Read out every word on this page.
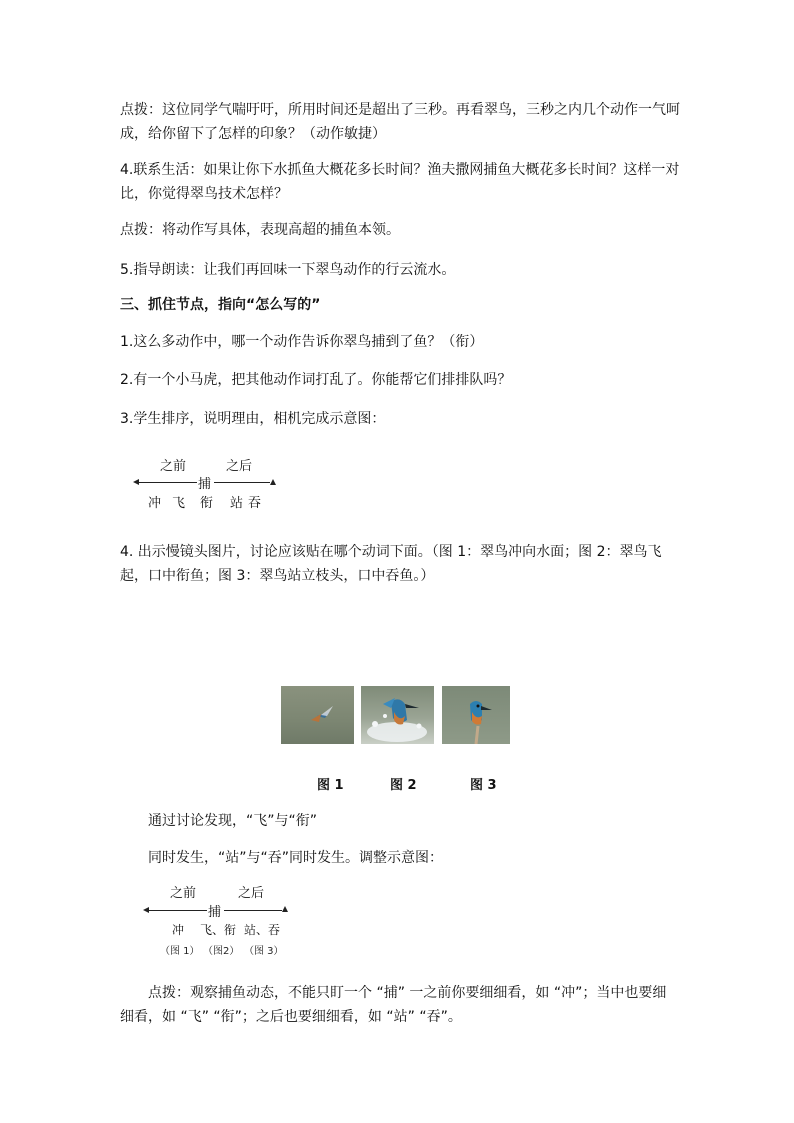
点拨：这位同学气喘吁吁，所用时间还是超出了三秒。再看翠鸟，三秒之内几个动作一气呵成，给你留下了怎样的印象？（动作敏捷）
4.联系生活：如果让你下水抓鱼大概花多长时间？渔夫撒网捕鱼大概花多长时间？这样一对比，你觉得翠鸟技术怎样？
点拨：将动作写具体，表现高超的捕鱼本领。
5.指导朗读：让我们再回味一下翠鸟动作的行云流水。
三、抓住节点，指向“怎么写的”
1.这么多动作中，哪一个动作告诉你翠鸟捕到了鱼？（衔）
2.有一个小马虎，把其他动作词打乱了。你能帮它们排排队吗？
3.学生排序，说明理由，相机完成示意图：
之前	之后
捕
冲 飞 衔 站 吞
4. 出示慢镜头图片，讨论应该贴在哪个动词下面。（图 1：翠鸟冲向水面；图 2：翠鸟飞起，口中衔鱼；图 3：翠鸟站立枝头，口中吞鱼。）
图 1	图 2	图 3
通过讨论发现，“飞”与“衔”
同时发生，“站”与“吞”同时发生。调整示意图：
之前	之后
捕
冲 飞、衔 站、吞
（图 1） （图2） （图 3）
点拨：观察捕鱼动态，不能只盯一个 “捕” 一之前你要细细看，如 “冲”；当中也要细细看，如 “飞” “衔”；之后也要细细看，如 “站” “吞”。
